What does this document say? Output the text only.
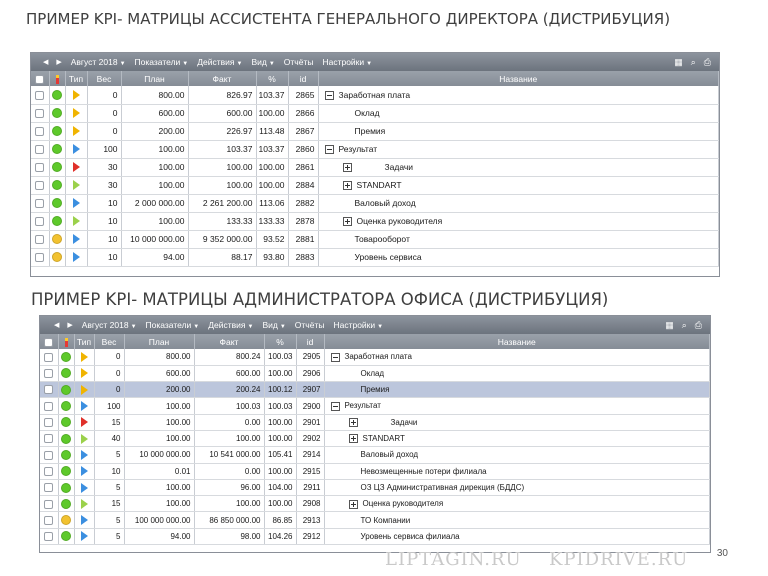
ПРИМЕР KPI- МАТРИЦЫ АССИСТЕНТА ГЕНЕРАЛЬНОГО ДИРЕКТОРА (ДИСТРИБУЦИЯ)
◀ ▶ Август 2018 ▼ Показатели ▼ Действия ▼ Вид ▼ Отчёты Настройки ▼	▦ ⌕ ⎙
		Тип	Вес	План	Факт	%	id	Название
			0	800.00	826.97	103.37	2865	Заработная плата
			0	600.00	600.00	100.00	2866	Оклад
			0	200.00	226.97	113.48	2867	Премия
			100	100.00	103.37	103.37	2860	Результат
			30	100.00	100.00	100.00	2861	Задачи
			30	100.00	100.00	100.00	2884	STANDART
			10	2 000 000.00	2 261 200.00	113.06	2882	Валовый доход
			10	100.00	133.33	133.33	2878	Оценка руководителя
			10	10 000 000.00	9 352 000.00	93.52	2881	Товарооборот
			10	94.00	88.17	93.80	2883	Уровень сервиса
ПРИМЕР KPI- МАТРИЦЫ АДМИНИСТРАТОРА ОФИСА (ДИСТРИБУЦИЯ)
◀ ▶ Август 2018 ▼ Показатели ▼ Действия ▼ Вид ▼ Отчёты Настройки ▼	▦ ⌕ ⎙
		Тип	Вес	План	Факт	%	id	Название
			0	800.00	800.24	100.03	2905	Заработная плата
			0	600.00	600.00	100.00	2906	Оклад
			0	200.00	200.24	100.12	2907	Премия
			100	100.00	100.03	100.03	2900	Результат
			15	100.00	0.00	100.00	2901	Задачи
			40	100.00	100.00	100.00	2902	STANDART
			5	10 000 000.00	10 541 000.00	105.41	2914	Валовый доход
			10	0.01	0.00	100.00	2915	Невозмещенные потери филиала
			5	100.00	96.00	104.00	2911	ОЗ ЦЗ Административная дирекция (БДДС)
			15	100.00	100.00	100.00	2908	Оценка руководителя
			5	100 000 000.00	86 850 000.00	86.85	2913	ТО Компании
			5	94.00	98.00	104.26	2912	Уровень сервиса филиала
LIPTAGIN.RU KPIDRIVE.RU	30
